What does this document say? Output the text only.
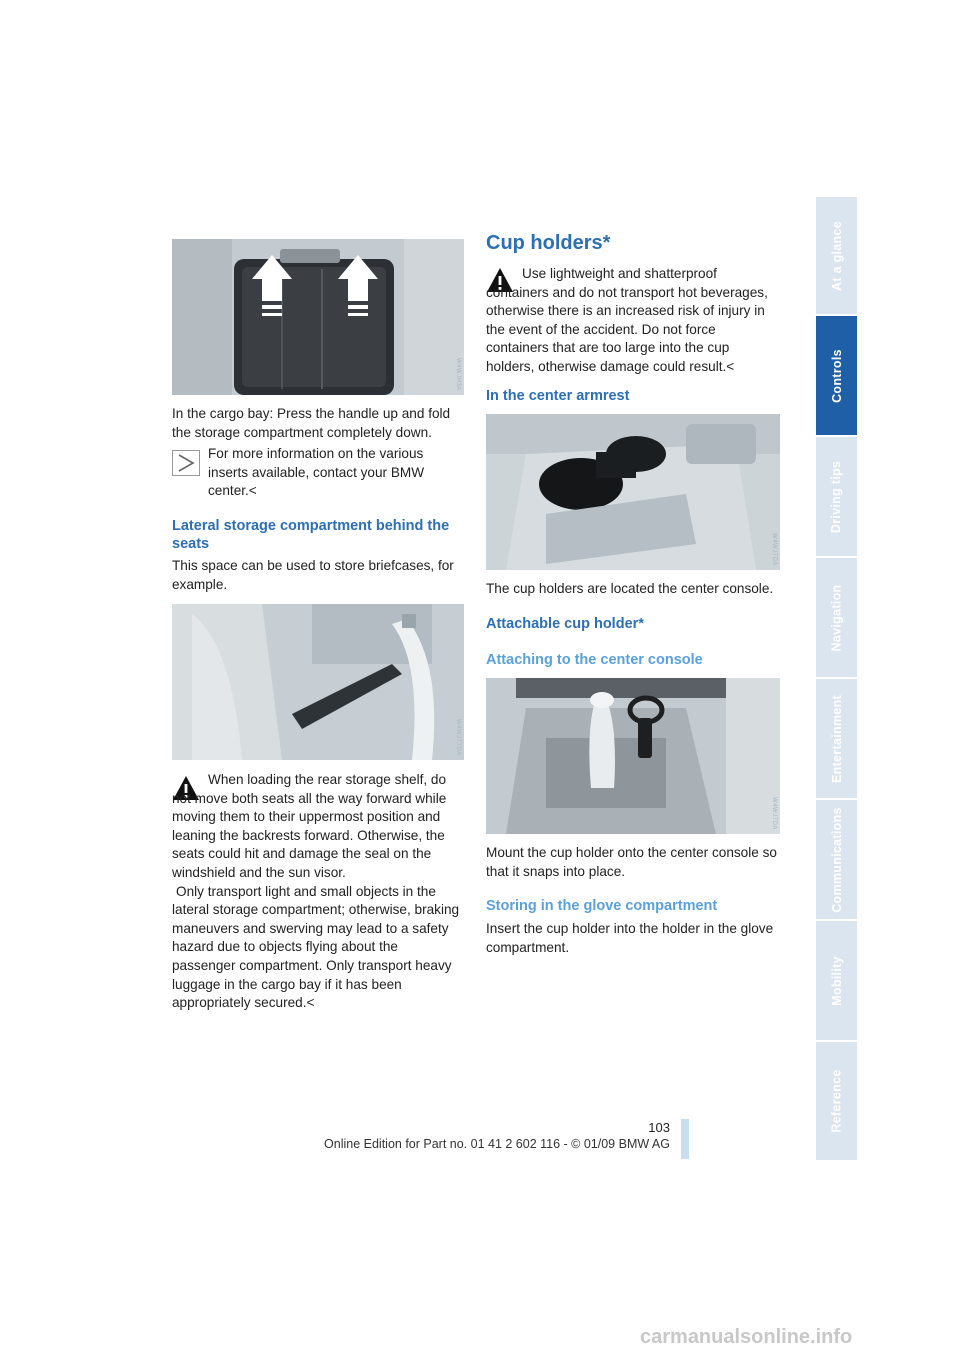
W4WJH3A

In the cargo bay: Press the handle up and fold the storage compartment completely down.

For more information on the various inserts available, contact your BMW center.<

Lateral storage compartment behind the seats

This space can be used to store briefcases, for example.

W4WJ77DA

When loading the rear storage shelf, do not move both seats all the way forward while moving them to their uppermost position and leaning the backrests forward. Otherwise, the seats could hit and damage the seal on the windshield and the sun visor.

Only transport light and small objects in the lateral storage compartment; otherwise, braking maneuvers and swerving may lead to a safety hazard due to objects flying about the passenger compartment. Only transport heavy luggage in the cargo bay if it has been appropriately secured.<

Cup holders*

Use lightweight and shatterproof containers and do not transport hot beverages, otherwise there is an increased risk of injury in the event of the accident. Do not force containers that are too large into the cup holders, otherwise damage could result.<

In the center armrest
W4WJ7DA

The cup holders are located the center console.

Attachable cup holder*
Attaching to the center console
W4WJ7DA

Mount the cup holder onto the center console so that it snaps into place.

Storing in the glove compartment

Insert the cup holder into the holder in the glove compartment.

At a glance
Controls
Driving tips
Navigation
Entertainment
Communications
Mobility
Reference
103
Online Edition for Part no. 01 41 2 602 116 - © 01/09 BMW AG
carmanualsonline.info
